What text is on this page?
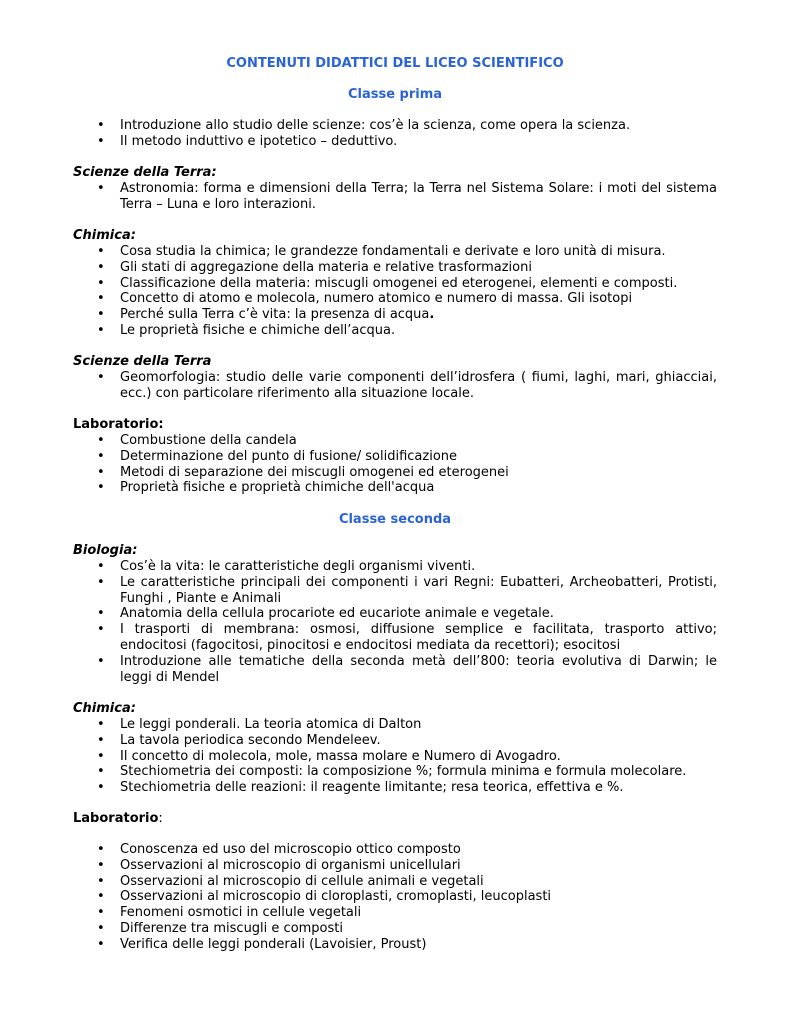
CONTENUTI DIDATTICI DEL LICEO SCIENTIFICO
Classe prima
• Introduzione allo studio delle scienze: cos’è la scienza, come opera la scienza.
• Il metodo induttivo e ipotetico – deduttivo.
Scienze della Terra:
• Astronomia: forma e dimensioni della Terra; la Terra nel Sistema Solare: i moti del sistema Terra – Luna e loro interazioni.
Chimica:
• Cosa studia la chimica; le grandezze fondamentali e derivate e loro unità di misura.
• Gli stati di aggregazione della materia e relative trasformazioni
• Classificazione della materia: miscugli omogenei ed eterogenei, elementi e composti.
• Concetto di atomo e molecola, numero atomico e numero di massa. Gli isotopi
• Perché sulla Terra c’è vita: la presenza di acqua.
• Le proprietà fisiche e chimiche dell’acqua.
Scienze della Terra
• Geomorfologia: studio delle varie componenti dell’idrosfera ( fiumi, laghi, mari, ghiacciai, ecc.) con particolare riferimento alla situazione locale.
Laboratorio:
• Combustione della candela
• Determinazione del punto di fusione/ solidificazione
• Metodi di separazione dei miscugli omogenei ed eterogenei
• Proprietà fisiche e proprietà chimiche dell'acqua
Classe seconda
Biologia:
• Cos’è la vita: le caratteristiche degli organismi viventi.
• Le caratteristiche principali dei componenti i vari Regni: Eubatteri, Archeobatteri, Protisti, Funghi , Piante e Animali
• Anatomia della cellula procariote ed eucariote animale e vegetale.
• I trasporti di membrana: osmosi, diffusione semplice e facilitata, trasporto attivo; endocitosi (fagocitosi, pinocitosi e endocitosi mediata da recettori); esocitosi
• Introduzione alle tematiche della seconda metà dell’800: teoria evolutiva di Darwin; le leggi di Mendel
Chimica:
• Le leggi ponderali. La teoria atomica di Dalton
• La tavola periodica secondo Mendeleev.
• Il concetto di molecola, mole, massa molare e Numero di Avogadro.
• Stechiometria dei composti: la composizione %; formula minima e formula molecolare.
• Stechiometria delle reazioni: il reagente limitante; resa teorica, effettiva e %.
Laboratorio:
• Conoscenza ed uso del microscopio ottico composto
• Osservazioni al microscopio di organismi unicellulari
• Osservazioni al microscopio di cellule animali e vegetali
• Osservazioni al microscopio di cloroplasti, cromoplasti, leucoplasti
• Fenomeni osmotici in cellule vegetali
• Differenze tra miscugli e composti
• Verifica delle leggi ponderali (Lavoisier, Proust)
